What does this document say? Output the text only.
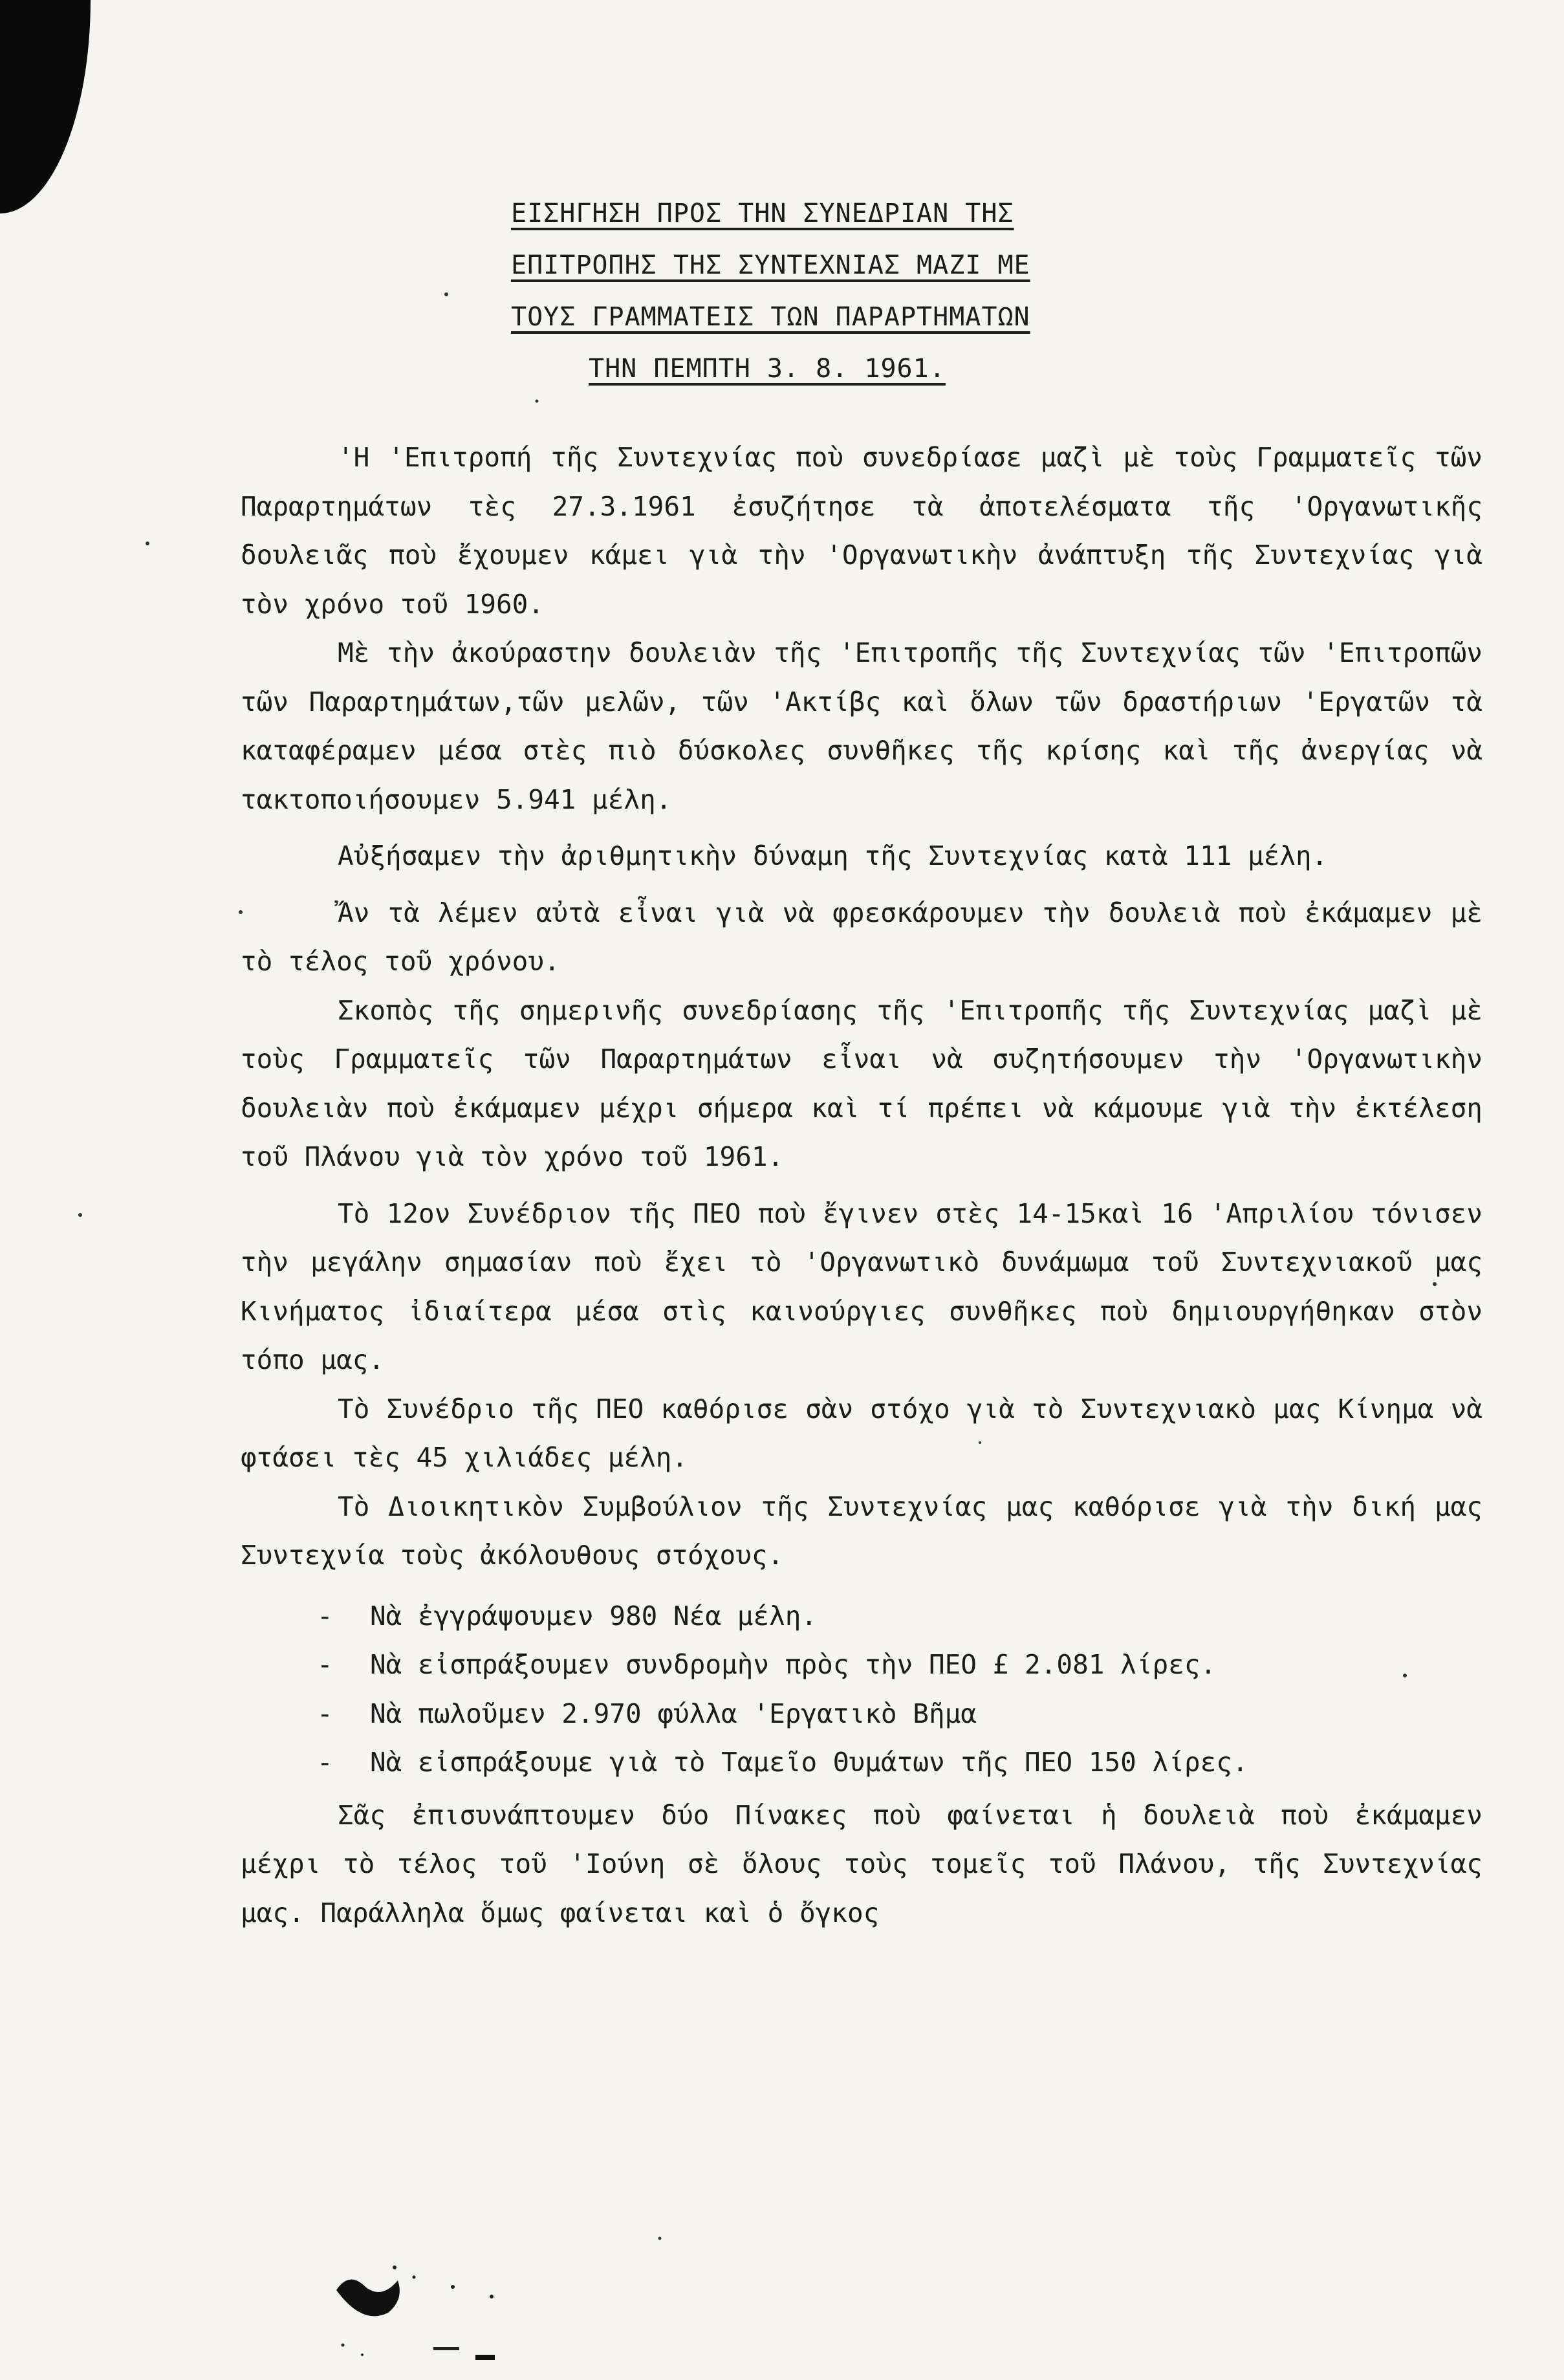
ΕΙΣΗΓΗΣΗ ΠΡΟΣ ΤΗΝ ΣΥΝΕΔΡΙΑΝ ΤΗΣ
ΕΠΙΤΡΟΠΗΣ ΤΗΣ ΣΥΝΤΕΧΝΙΑΣ ΜΑΖΙ ΜΕ
ΤΟΥΣ ΓΡΑΜΜΑΤΕΙΣ ΤΩΝ ΠΑΡΑΡΤΗΜΑΤΩΝ
ΤΗΝ ΠΕΜΠΤΗ 3. 8. 1961.

'Η 'Επιτροπή τῆς Συντεχνίας ποὺ συνεδρίασε μαζὶ μὲ τοὺς Γραμματεῖς τῶν Παραρτημάτων τὲς 27.3.1961 ἐσυζήτησε τὰ ἀποτελέσματα τῆς 'Οργανωτικῆς δουλειᾶς ποὺ ἔχουμεν κάμει γιὰ τὴν 'Οργανωτικὴν ἀνάπτυξη τῆς Συντεχνίας γιὰ τὸν χρόνο τοῦ 1960.

Μὲ τὴν ἀκούραστην δουλειὰν τῆς 'Επιτροπῆς τῆς Συντεχνίας τῶν 'Επιτροπῶν τῶν Παραρτημάτων,τῶν μελῶν, τῶν 'Ακτίβς καὶ ὅλων τῶν δραστήριων 'Εργατῶν τὰ καταφέραμεν μέσα στὲς πιὸ δύσκολες συνθῆκες τῆς κρίσης καὶ τῆς ἀνεργίας νὰ τακτοποιήσουμεν 5.941 μέλη.

Αὐξήσαμεν τὴν ἀριθμητικὴν δύναμη τῆς Συντεχνίας κατὰ 111 μέλη.

Ἄν τὰ λέμεν αὐτὰ εἶναι γιὰ νὰ φρεσκάρουμεν τὴν δουλειὰ ποὺ ἐκάμαμεν μὲ τὸ τέλος τοῦ χρόνου.

Σκοπὸς τῆς σημερινῆς συνεδρίασης τῆς 'Επιτροπῆς τῆς Συντεχνίας μαζὶ μὲ τοὺς Γραμματεῖς τῶν Παραρτημάτων εἶναι νὰ συζητήσουμεν τὴν 'Οργανωτικὴν δουλειὰν ποὺ ἐκάμαμεν μέχρι σήμερα καὶ τί πρέπει νὰ κάμουμε γιὰ τὴν ἐκτέλεση τοῦ Πλάνου γιὰ τὸν χρόνο τοῦ 1961.

Τὸ 12ον Συνέδριον τῆς ΠΕΟ ποὺ ἔγινεν στὲς 14-15καὶ 16 'Απριλίου τόνισεν τὴν μεγάλην σημασίαν ποὺ ἔχει τὸ 'Οργανωτικὸ δυνάμωμα τοῦ Συντεχνιακοῦ μας Κινήματος ἰδιαίτερα μέσα στὶς καινούργιες συνθῆκες ποὺ δημιουργήθηκαν στὸν τόπο μας.

Τὸ Συνέδριο τῆς ΠΕΟ καθόρισε σὰν στόχο γιὰ τὸ Συντεχνιακὸ μας Κίνημα νὰ φτάσει τὲς 45 χιλιάδες μέλη.

Τὸ Διοικητικὸν Συμβούλιον τῆς Συντεχνίας μας καθόρισε γιὰ τὴν δική μας Συντεχνία τοὺς ἀκόλουθους στόχους.

-	Νὰ ἐγγράψουμεν 980 Νέα μέλη.
-	Νὰ εἰσπράξουμεν συνδρομὴν πρὸς τὴν ΠΕΟ £ 2.081 λίρες.
-	Νὰ πωλοῦμεν 2.970 φύλλα 'Εργατικὸ Βῆμα
-	Νὰ εἰσπράξουμε γιὰ τὸ Ταμεῖο Θυμάτων τῆς ΠΕΟ 150 λίρες.

Σᾶς ἐπισυνάπτουμεν δύο Πίνακες ποὺ φαίνεται ἡ δουλειὰ ποὺ ἐκάμαμεν μέχρι τὸ τέλος τοῦ 'Ιούνη σὲ ὅλους τοὺς τομεῖς τοῦ Πλάνου, τῆς Συντεχνίας μας. Παράλληλα ὅμως φαίνεται καὶ ὁ ὄγκος
